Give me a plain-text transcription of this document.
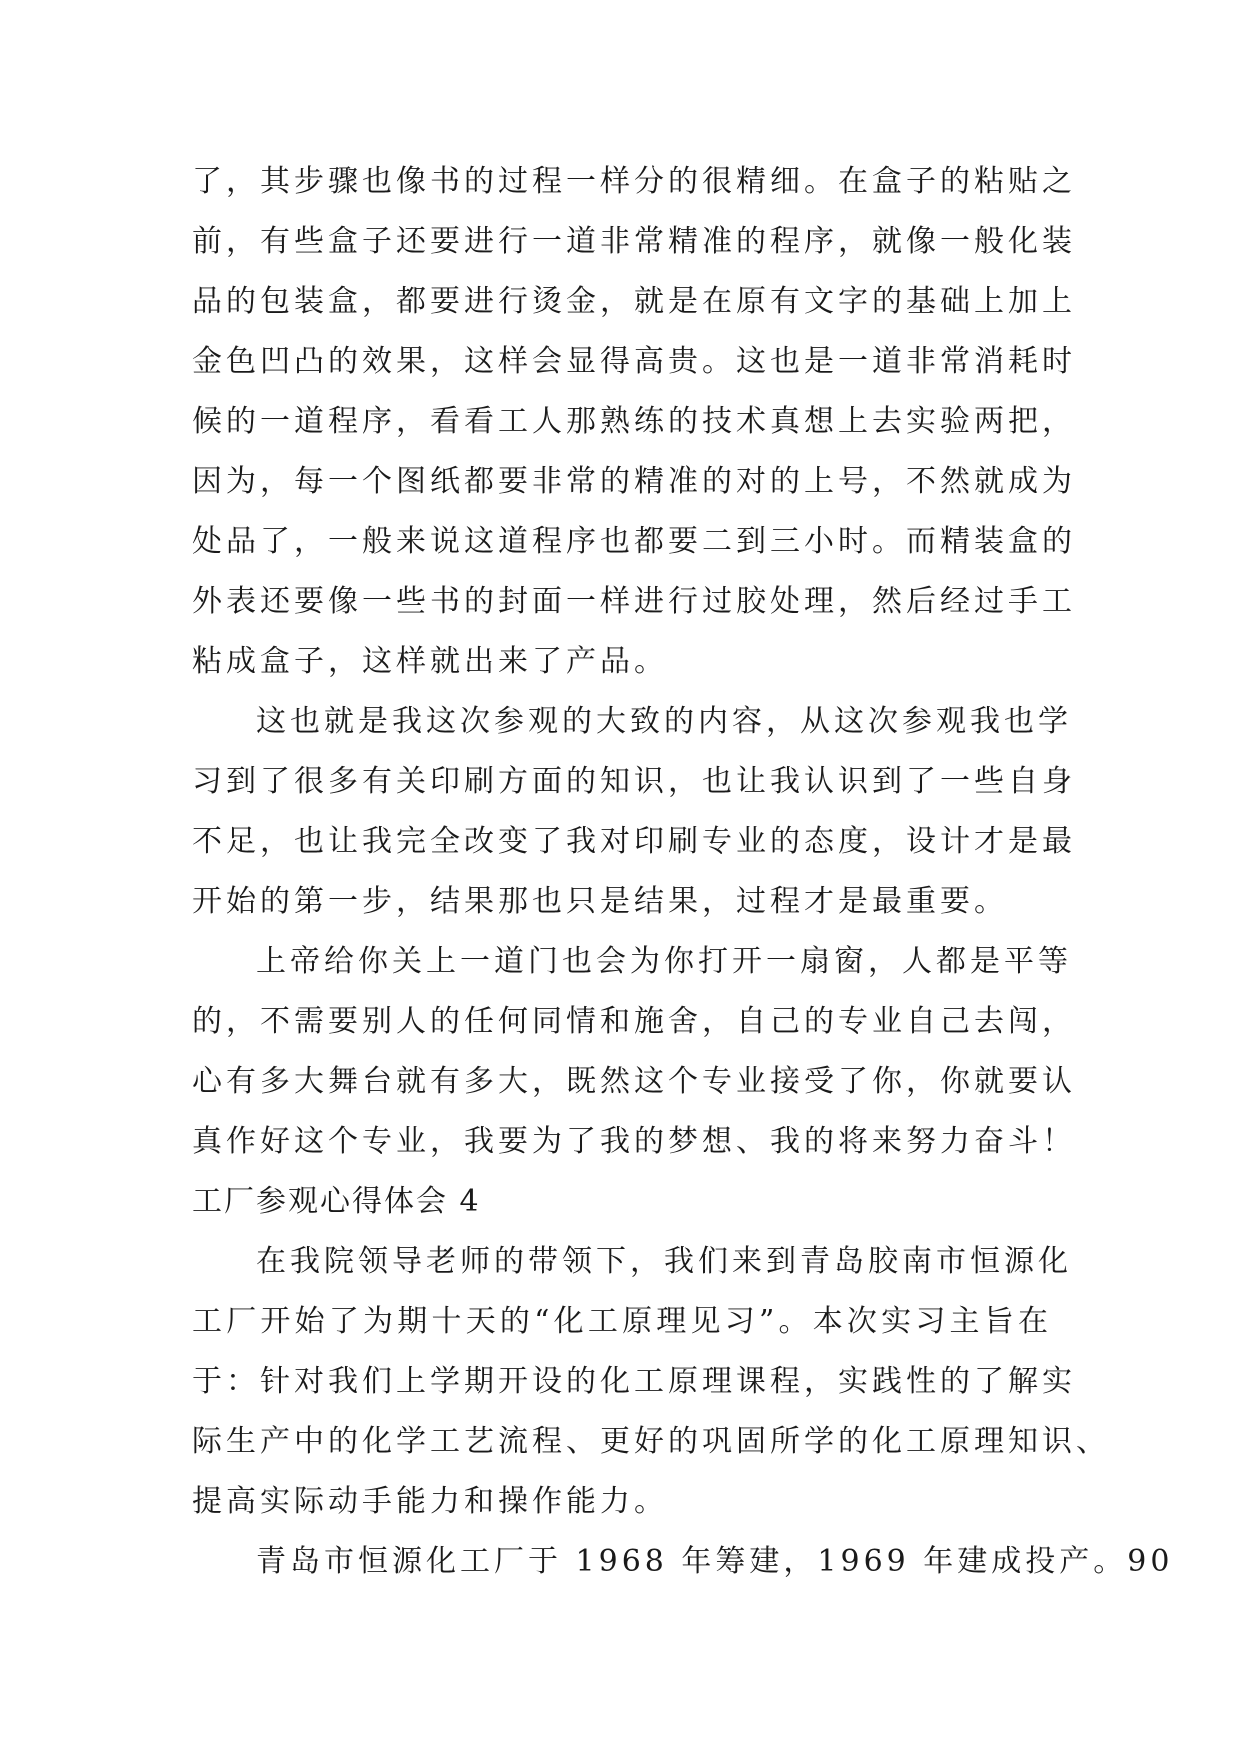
了，其步骤也像书的过程一样分的很精细。在盒子的粘贴之
前，有些盒子还要进行一道非常精准的程序，就像一般化装
品的包装盒，都要进行烫金，就是在原有文字的基础上加上
金色凹凸的效果，这样会显得高贵。这也是一道非常消耗时
候的一道程序，看看工人那熟练的技术真想上去实验两把，
因为，每一个图纸都要非常的精准的对的上号，不然就成为
处品了，一般来说这道程序也都要二到三小时。而精装盒的
外表还要像一些书的封面一样进行过胶处理，然后经过手工
粘成盒子，这样就出来了产品。
这也就是我这次参观的大致的内容，从这次参观我也学
习到了很多有关印刷方面的知识，也让我认识到了一些自身
不足，也让我完全改变了我对印刷专业的态度，设计才是最
开始的第一步，结果那也只是结果，过程才是最重要。
上帝给你关上一道门也会为你打开一扇窗，人都是平等
的，不需要别人的任何同情和施舍，自己的专业自己去闯，
心有多大舞台就有多大，既然这个专业接受了你，你就要认
真作好这个专业，我要为了我的梦想、我的将来努力奋斗！
工厂参观心得体会 4
在我院领导老师的带领下，我们来到青岛胶南市恒源化
工厂开始了为期十天的“化工原理见习”。本次实习主旨在
于：针对我们上学期开设的化工原理课程，实践性的了解实
际生产中的化学工艺流程、更好的巩固所学的化工原理知识、
提高实际动手能力和操作能力。
青岛市恒源化工厂于 1968 年筹建，1969 年建成投产。90
